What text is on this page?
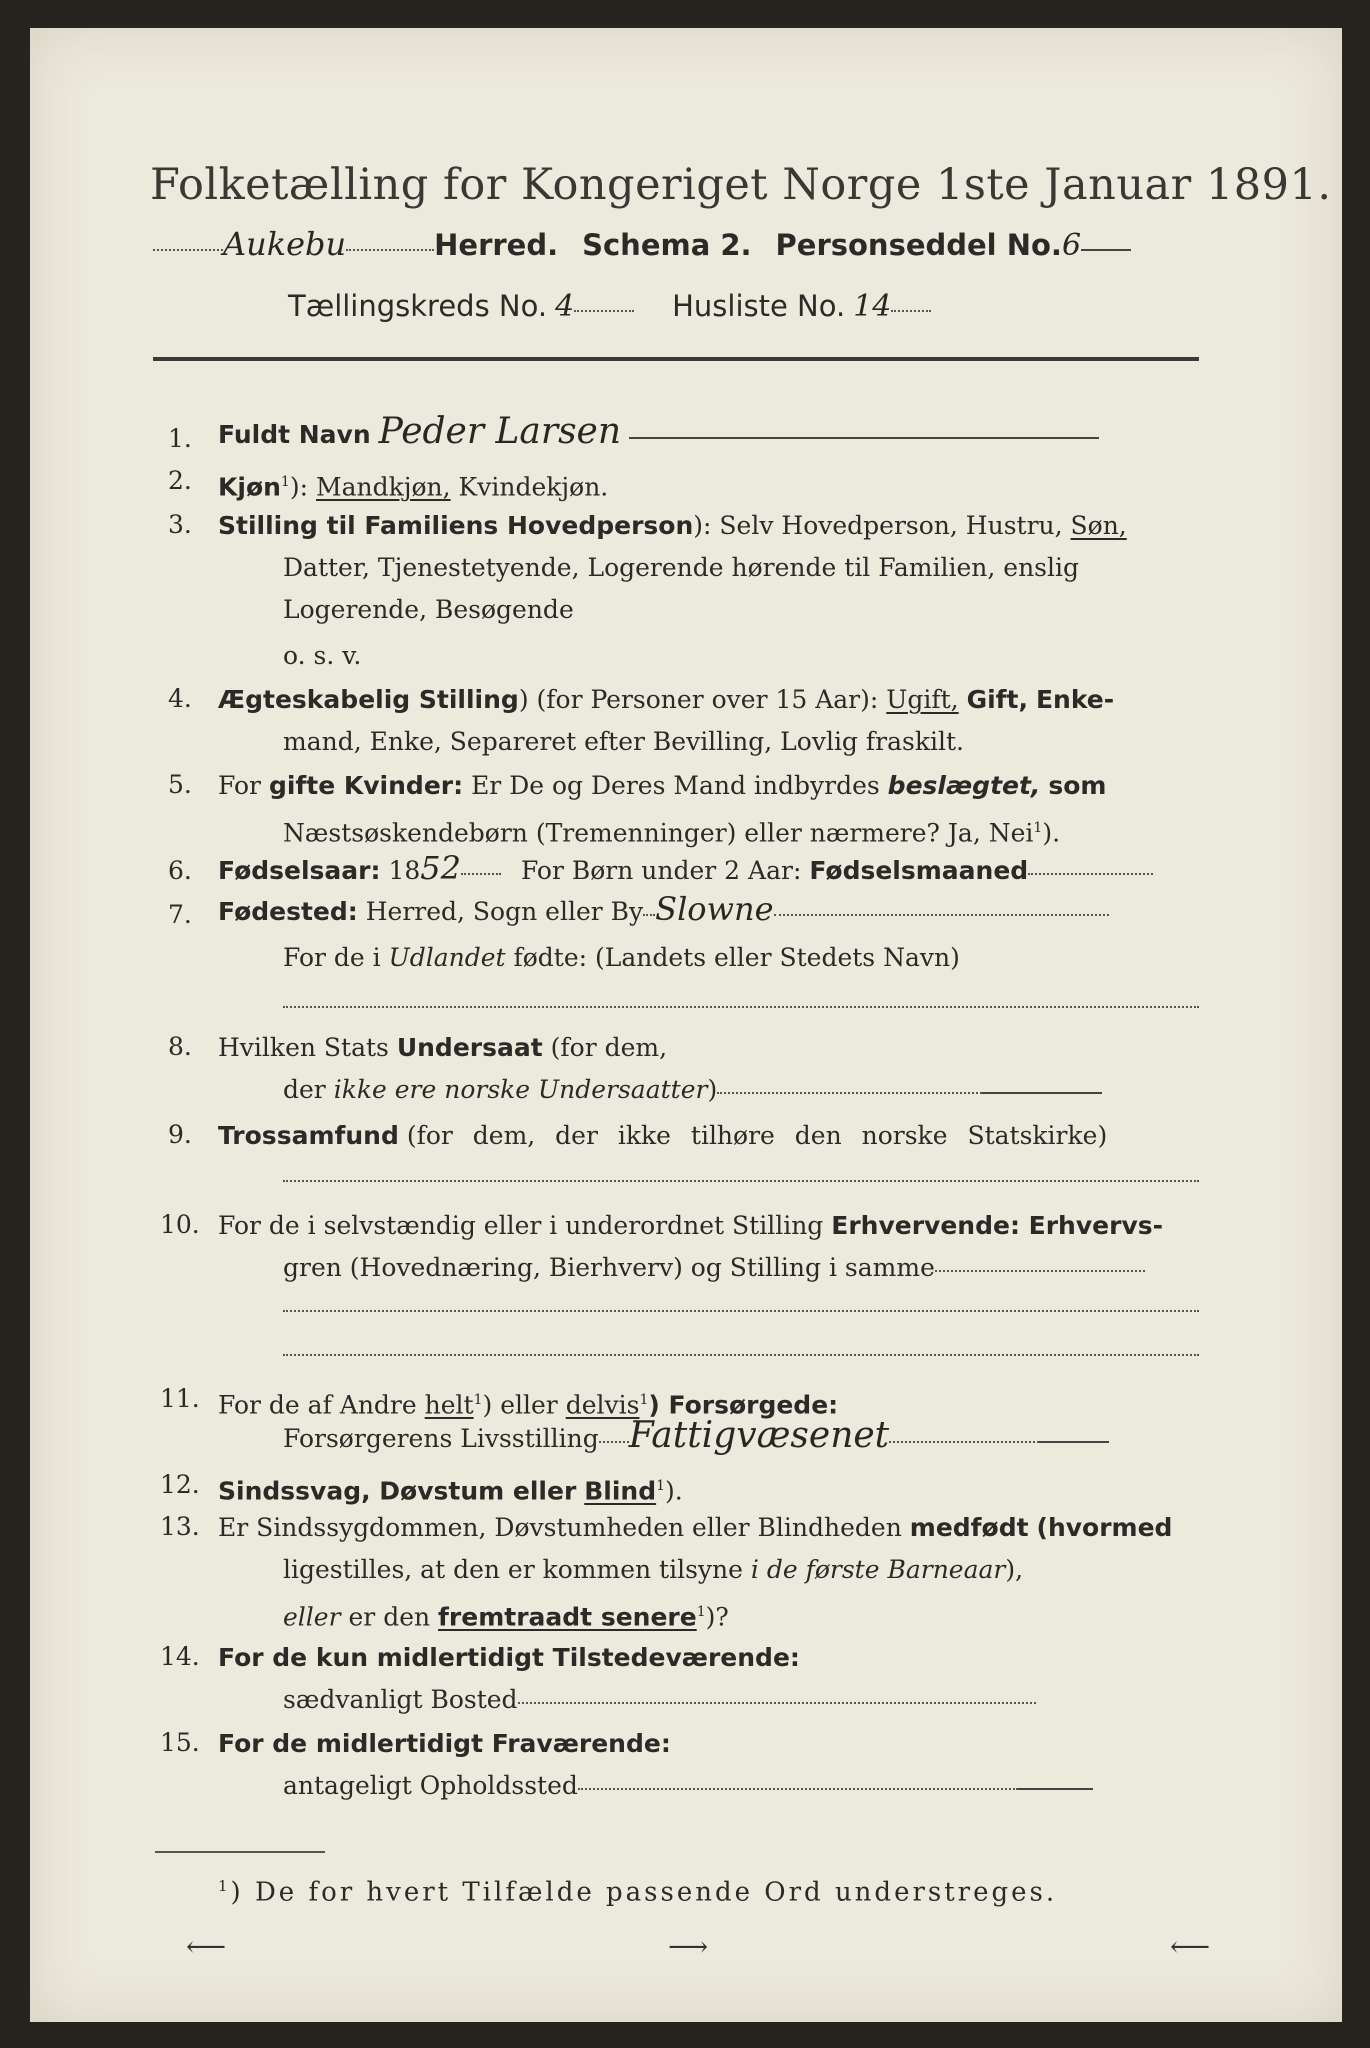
Folketælling for Kongeriget Norge 1ste Januar 1891.
Aukebu	Herred. Schema 2. Personseddel No.6
Tællingskreds No. 4	Husliste No. 14
1. Fuldt Navn Peder Larsen
2. Kjøn$^1$): Mandkjøn, Kvindekjøn.
3. Stilling til Familiens Hovedperson): Selv Hovedperson, Hustru, Søn,
Datter, Tjenestetyende, Logerende hørende til Familien, enslig
Logerende, Besøgende
o. s. v.
4. Ægteskabelig Stilling) (for Personer over 15 Aar): Ugift, Gift, Enke-
mand, Enke, Separeret efter Bevilling, Lovlig fraskilt.
5. For gifte Kvinder: Er De og Deres Mand indbyrdes beslægtet, som
Næstsøskendebørn (Tremenninger) eller nærmere? Ja, Nei$^1$).
6. Fødselsaar: 1852 For Børn under 2 Aar: Fødselsmaaned
7. Fødested: Herred, Sogn eller By Slowne
For de i Udlandet fødte: (Landets eller Stedets Navn)
8. Hvilken Stats Undersaat (for dem,
der ikke ere norske Undersaatter)
9. Trossamfund (for dem, der ikke tilhøre den norske Statskirke)
10. For de i selvstændig eller i underordnet Stilling Erhvervende: Erhvervs-
gren (Hovednæring, Bierhverv) og Stilling i samme
11. For de af Andre helt$^1$) eller delvis$^1$) Forsørgede:
Forsørgerens Livsstilling Fattigvæsenet
12. Sindssvag, Døvstum eller Blind$^1$).
13. Er Sindssygdommen, Døvstumheden eller Blindheden medfødt (hvormed
ligestilles, at den er kommen tilsyne i de første Barneaar),
eller er den fremtraadt senere$^1$)?
14. For de kun midlertidigt Tilstedeværende:
sædvanligt Bosted
15. For de midlertidigt Fraværende:
antageligt Opholdssted
$^1$) De for hvert Tilfælde passende Ord understreges.
⟵	⟶	⟵
